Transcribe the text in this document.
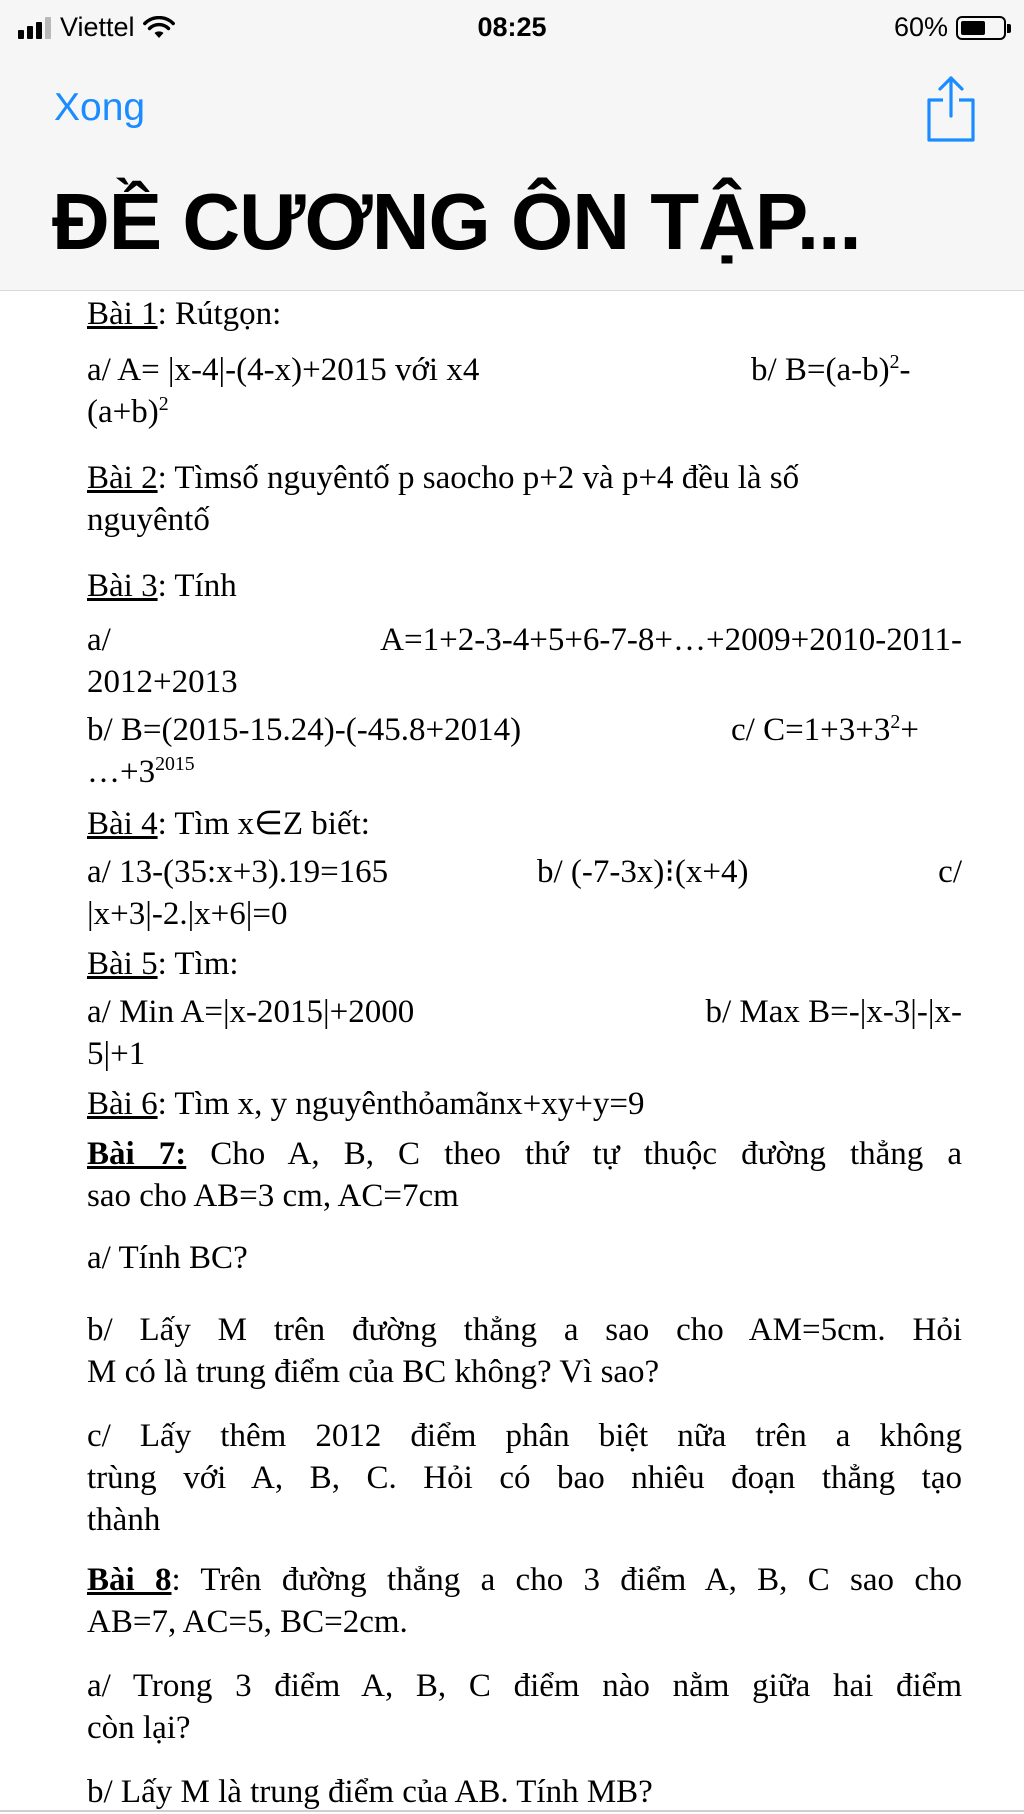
Viettel	08:25	60%
Xong
ĐỀ CƯƠNG ÔN TẬP...
Bài 1: Rútgọn:
a/ A= |x-4|-(4-x)+2015 với x4	b/ $B=(a-b)^2-$
$(a+b)^2$
Bài 2: Tìmsố nguyêntố p saocho p+2 và p+4 đều là số
nguyêntố
Bài 3: Tính
a/	A=1+2-3-4+5+6-7-8+…+2009+2010-2011-
2012+2013
b/ B=(2015-15.24)-(-45.8+2014)	c/ $C=1+3+3^2+$
$\dots+3^{2015}$
Bài 4: Tìm x∈Z biết:
a/ 13-(35:x+3).19=165	b/ (-7-3x)⁝(x+4)	c/
|x+3|-2.|x+6|=0
Bài 5: Tìm:
a/ Min A=|x-2015|+2000	b/ Max B=-|x-3|-|x-
5|+1
Bài 6: Tìm x, y nguyênthỏamãnx+xy+y=9
Bài 7: Cho A, B, C theo thứ tự thuộc đường thẳng a
sao cho AB=3 cm, AC=7cm
a/ Tính BC?
b/ Lấy M trên đường thẳng a sao cho AM=5cm. Hỏi
M có là trung điểm của BC không? Vì sao?
c/ Lấy thêm 2012 điểm phân biệt nữa trên a không
trùng với A, B, C. Hỏi có bao nhiêu đoạn thẳng tạo
thành
Bài 8: Trên đường thẳng a cho 3 điểm A, B, C sao cho
AB=7, AC=5, BC=2cm.
a/ Trong 3 điểm A, B, C điểm nào nằm giữa hai điểm
còn lại?
b/ Lấy M là trung điểm của AB. Tính MB?
